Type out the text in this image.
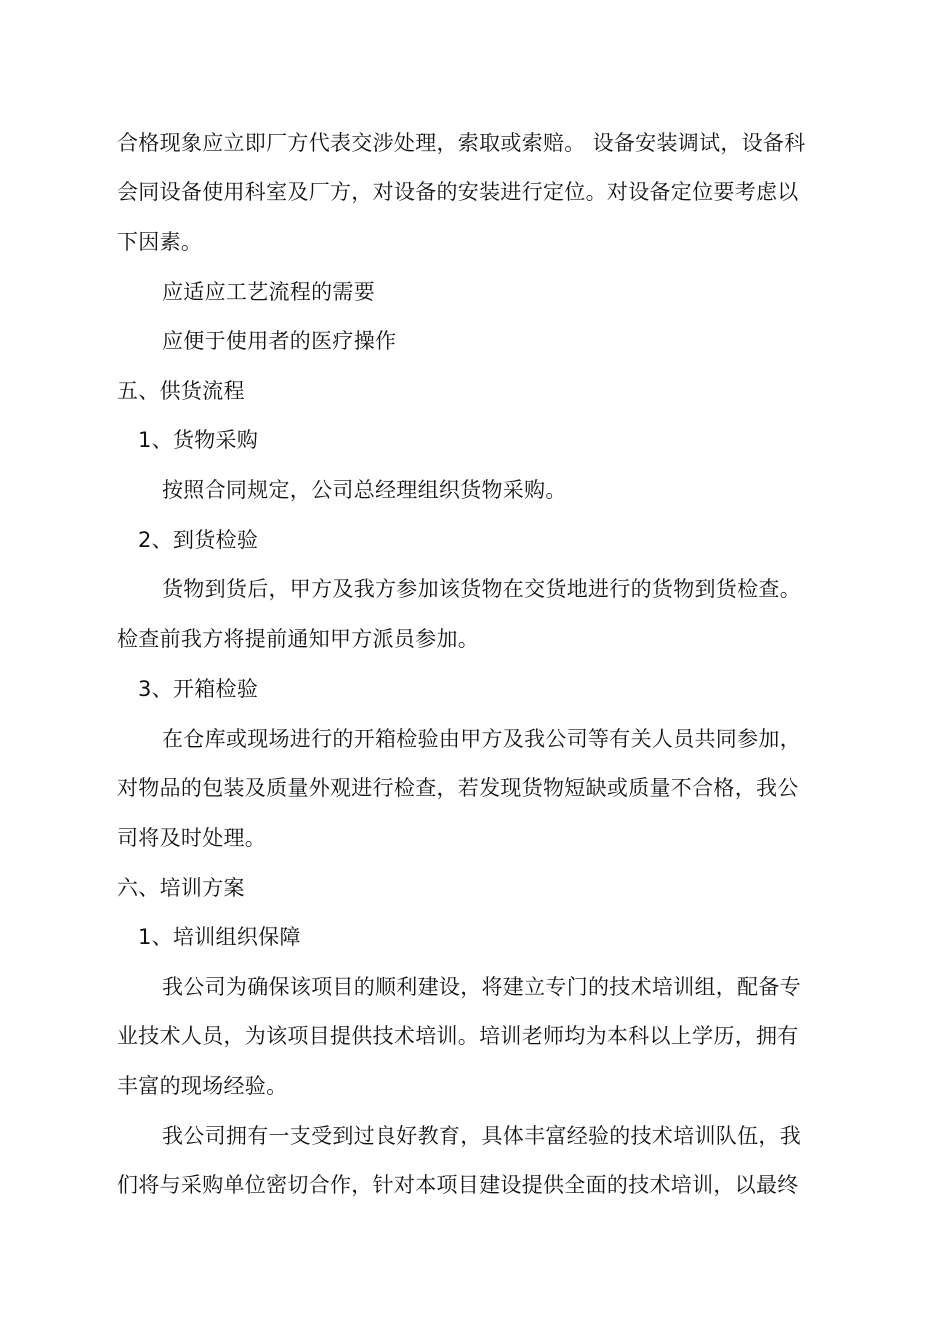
合格现象应立即厂方代表交涉处理，索取或索赔。 设备安装调试，设备科
会同设备使用科室及厂方，对设备的安装进行定位。对设备定位要考虑以
下因素。
应适应工艺流程的需要
应便于使用者的医疗操作
五、供货流程
1、货物采购
按照合同规定，公司总经理组织货物采购。
2、到货检验
货物到货后，甲方及我方参加该货物在交货地进行的货物到货检查。
检查前我方将提前通知甲方派员参加。
3、开箱检验
在仓库或现场进行的开箱检验由甲方及我公司等有关人员共同参加，
对物品的包装及质量外观进行检查，若发现货物短缺或质量不合格，我公
司将及时处理。
六、培训方案
1、培训组织保障
我公司为确保该项目的顺利建设，将建立专门的技术培训组，配备专
业技术人员，为该项目提供技术培训。培训老师均为本科以上学历，拥有
丰富的现场经验。
我公司拥有一支受到过良好教育，具体丰富经验的技术培训队伍，我
们将与采购单位密切合作，针对本项目建设提供全面的技术培训，以最终
